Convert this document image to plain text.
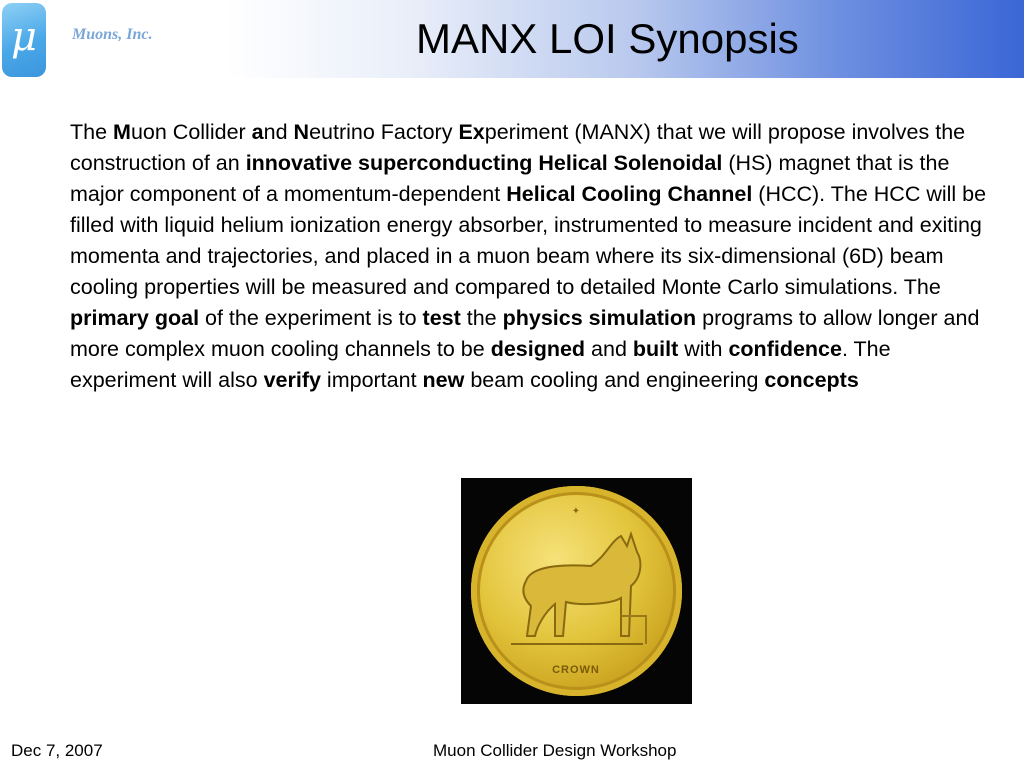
μ	Muons, Inc.	MANX LOI Synopsis
The Muon Collider and Neutrino Factory Experiment (MANX) that we will propose involves the construction of an innovative superconducting Helical Solenoidal (HS) magnet that is the major component of a momentum-dependent Helical Cooling Channel (HCC). The HCC will be filled with liquid helium ionization energy absorber, instrumented to measure incident and exiting momenta and trajectories, and placed in a muon beam where its six-dimensional (6D) beam cooling properties will be measured and compared to detailed Monte Carlo simulations. The primary goal of the experiment is to test the physics simulation programs to allow longer and more complex muon cooling channels to be designed and built with confidence. The experiment will also verify important new beam cooling and engineering concepts
✦
CROWN
Dec 7, 2007	Muon Collider Design Workshop
